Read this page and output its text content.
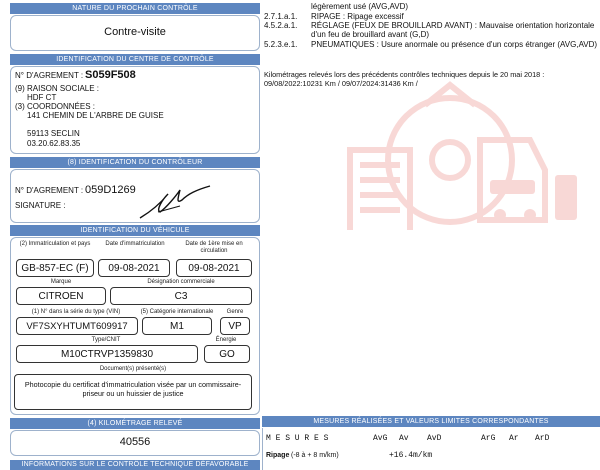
NATURE DU PROCHAIN CONTRÔLE
Contre-visite
IDENTIFICATION DU CENTRE DE CONTRÔLE
N° D'AGREMENT : S059F508
(9) RAISON SOCIALE :
HDF CT
(3) COORDONNÉES :
141 CHEMIN DE L'ARBRE DE GUISE
59113 SECLIN
03.20.62.83.35
(8) IDENTIFICATION DU CONTRÔLEUR
N° D'AGREMENT : 059D1269
SIGNATURE :
IDENTIFICATION DU VÉHICULE
(2) Immatriculation et pays	Date d'immatriculation	Date de 1ère mise en circulation
GB-857-EC (F)	09-08-2021	09-08-2021
Marque	Désignation commerciale
CITROEN	C3
(1) N° dans la série du type (VIN)	(5) Catégorie internationale	Genre
VF7SXYHTUMT609917	M1	VP
Type/CNIT	Énergie
M10CTRVP1359830	GO
Document(s) présenté(s)
Photocopie du certificat d'immatriculation visée par un commissaire-priseur ou un huissier de justice
(4) KILOMÉTRAGE RELEVÉ
40556
INFORMATIONS SUR LE CONTRÔLE TECHNIQUE DÉFAVORABLE
légèrement usé (AVG,AVD)
2.7.1.a.1.	RIPAGE : Ripage excessif
4.5.2.a.1.	RÉGLAGE (FEUX DE BROUILLARD AVANT) : Mauvaise orientation horizontale d'un feu de brouillard avant (G,D)
5.2.3.e.1.	PNEUMATIQUES : Usure anormale ou présence d'un corps étranger (AVG,AVD)
Kilométrages relevés lors des précédents contrôles techniques depuis le 20 mai 2018 :
09/08/2022:10231 Km / 09/07/2024:31436 Km /
MESURES RÉALISÉES ET VALEURS LIMITES CORRESPONDANTES
M E S U R E S	AvG Av AvD	ArG Ar ArD
Ripage (-8 à + 8 m/km)	+16.4m/km
